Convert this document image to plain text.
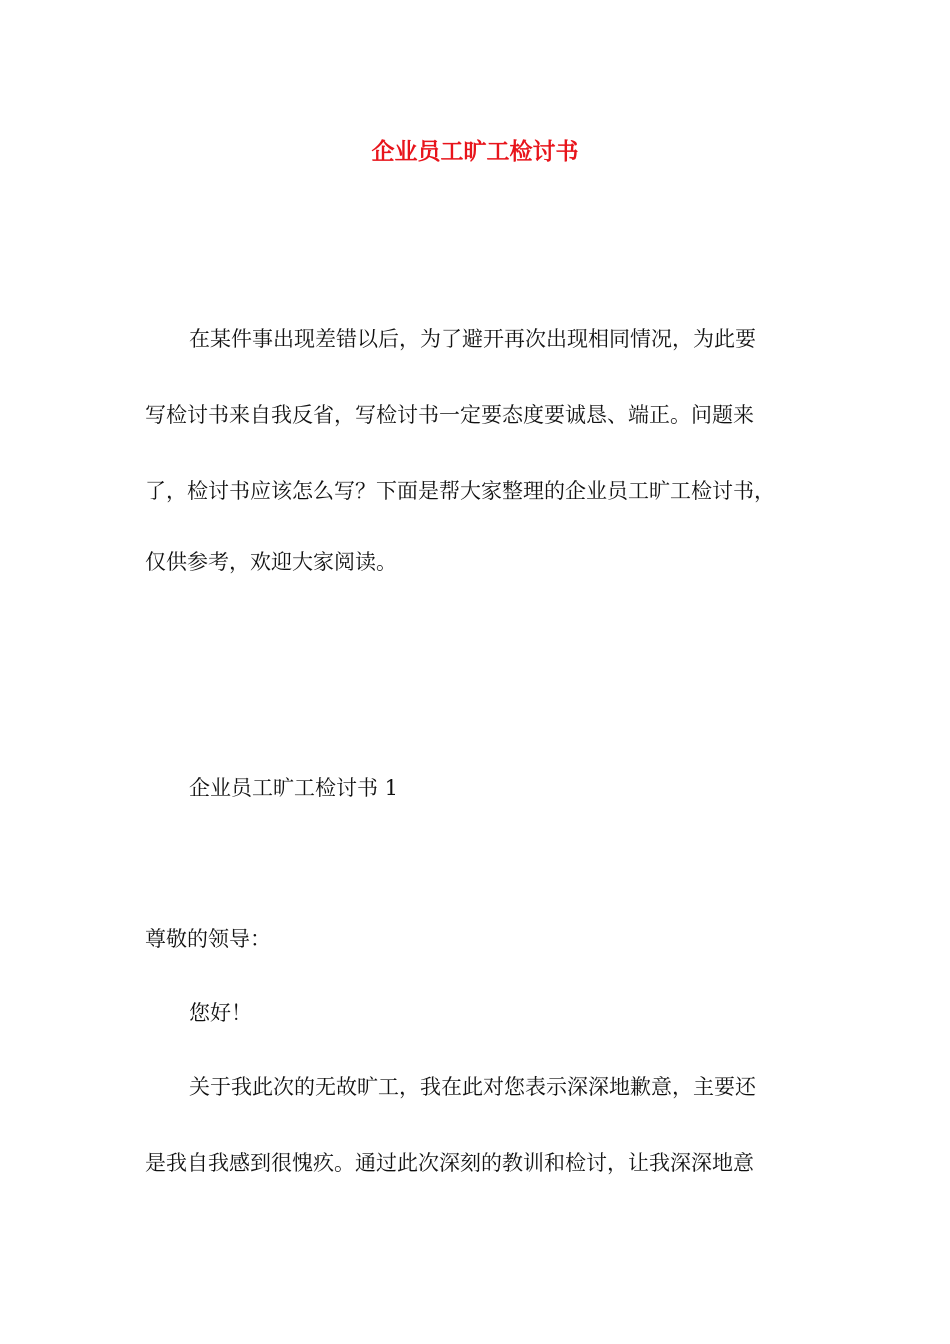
企业员工旷工检讨书

在某件事出现差错以后，为了避开再次出现相同情况，为此要

写检讨书来自我反省，写检讨书一定要态度要诚恳、端正。问题来

了，检讨书应该怎么写？下面是帮大家整理的企业员工旷工检讨书，

仅供参考，欢迎大家阅读。

企业员工旷工检讨书 1

尊敬的领导：

您好！

关于我此次的无故旷工，我在此对您表示深深地歉意，主要还

是我自我感到很愧疚。通过此次深刻的教训和检讨，让我深深地意
